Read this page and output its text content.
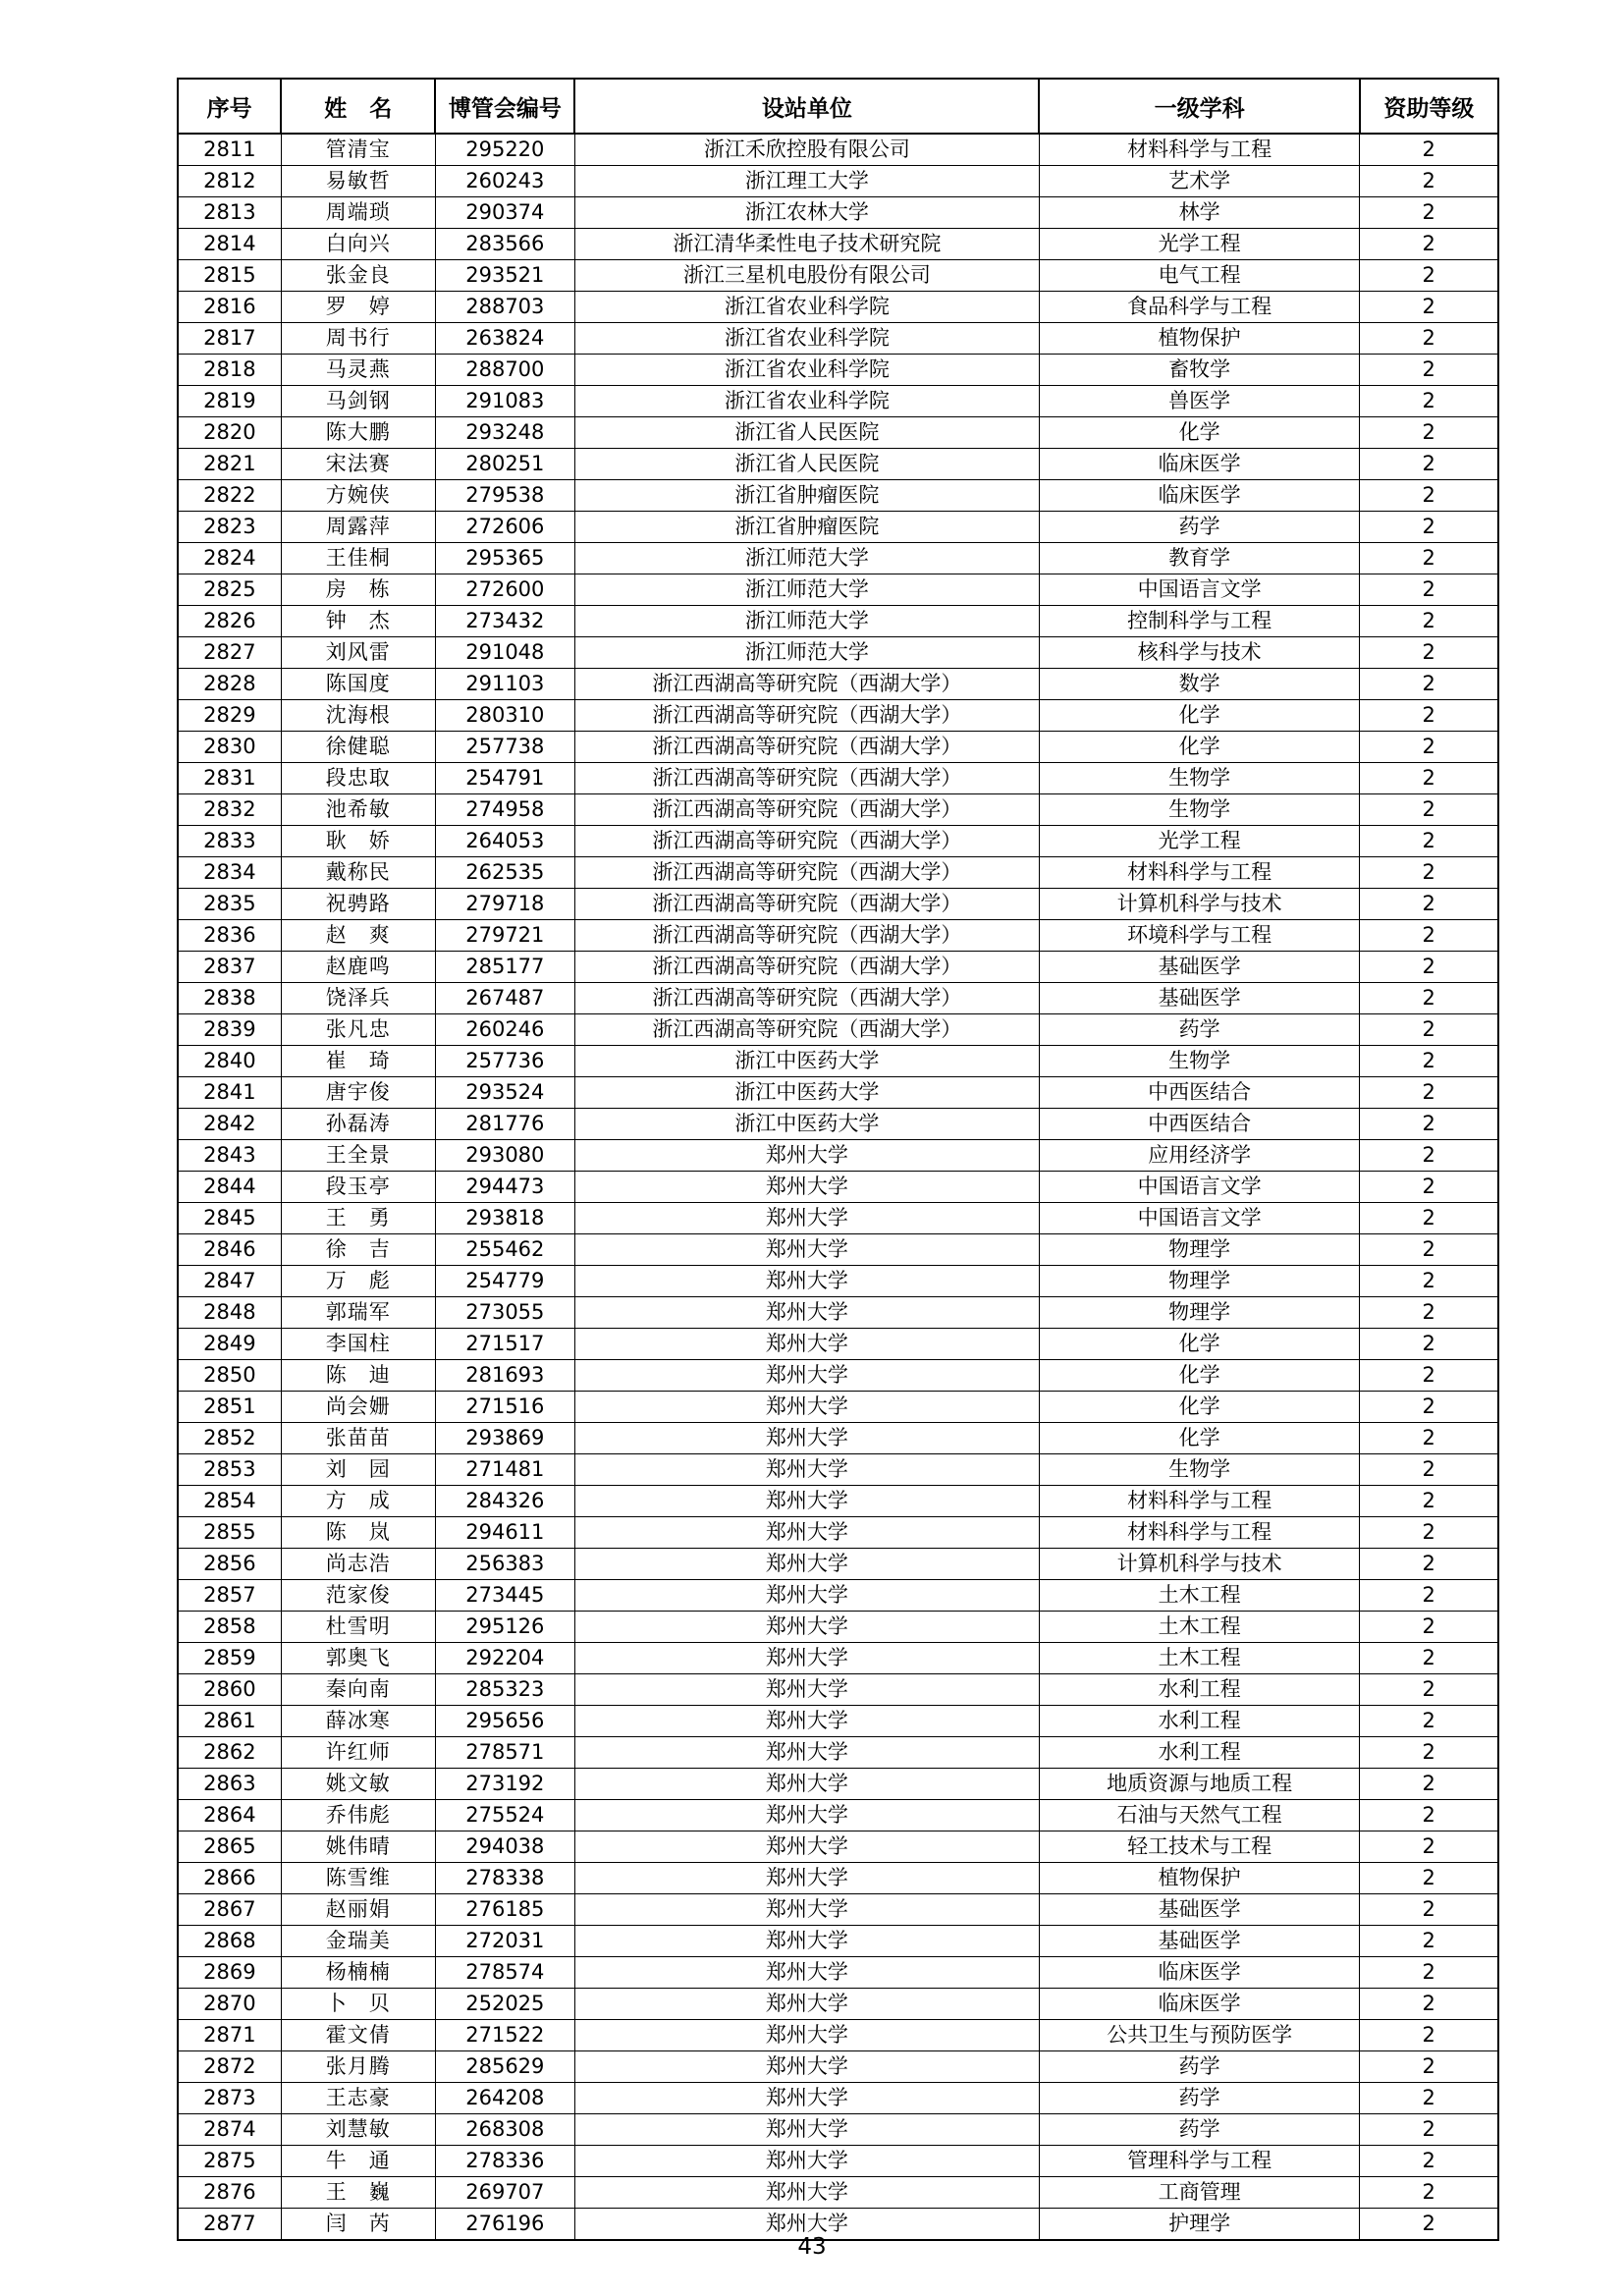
序号	姓　名	博管会编号	设站单位	一级学科	资助等级
2811	管清宝	295220	浙江禾欣控股有限公司	材料科学与工程	2
2812	易敏哲	260243	浙江理工大学	艺术学	2
2813	周端琐	290374	浙江农林大学	林学	2
2814	白向兴	283566	浙江清华柔性电子技术研究院	光学工程	2
2815	张金良	293521	浙江三星机电股份有限公司	电气工程	2
2816	罗　婷	288703	浙江省农业科学院	食品科学与工程	2
2817	周书行	263824	浙江省农业科学院	植物保护	2
2818	马灵燕	288700	浙江省农业科学院	畜牧学	2
2819	马剑钢	291083	浙江省农业科学院	兽医学	2
2820	陈大鹏	293248	浙江省人民医院	化学	2
2821	宋法赛	280251	浙江省人民医院	临床医学	2
2822	方婉侠	279538	浙江省肿瘤医院	临床医学	2
2823	周露萍	272606	浙江省肿瘤医院	药学	2
2824	王佳桐	295365	浙江师范大学	教育学	2
2825	房　栋	272600	浙江师范大学	中国语言文学	2
2826	钟　杰	273432	浙江师范大学	控制科学与工程	2
2827	刘风雷	291048	浙江师范大学	核科学与技术	2
2828	陈国度	291103	浙江西湖高等研究院（西湖大学）	数学	2
2829	沈海根	280310	浙江西湖高等研究院（西湖大学）	化学	2
2830	徐健聪	257738	浙江西湖高等研究院（西湖大学）	化学	2
2831	段忠取	254791	浙江西湖高等研究院（西湖大学）	生物学	2
2832	池希敏	274958	浙江西湖高等研究院（西湖大学）	生物学	2
2833	耿　娇	264053	浙江西湖高等研究院（西湖大学）	光学工程	2
2834	戴称民	262535	浙江西湖高等研究院（西湖大学）	材料科学与工程	2
2835	祝骋路	279718	浙江西湖高等研究院（西湖大学）	计算机科学与技术	2
2836	赵　爽	279721	浙江西湖高等研究院（西湖大学）	环境科学与工程	2
2837	赵鹿鸣	285177	浙江西湖高等研究院（西湖大学）	基础医学	2
2838	饶泽兵	267487	浙江西湖高等研究院（西湖大学）	基础医学	2
2839	张凡忠	260246	浙江西湖高等研究院（西湖大学）	药学	2
2840	崔　琦	257736	浙江中医药大学	生物学	2
2841	唐宇俊	293524	浙江中医药大学	中西医结合	2
2842	孙磊涛	281776	浙江中医药大学	中西医结合	2
2843	王全景	293080	郑州大学	应用经济学	2
2844	段玉亭	294473	郑州大学	中国语言文学	2
2845	王　勇	293818	郑州大学	中国语言文学	2
2846	徐　吉	255462	郑州大学	物理学	2
2847	万　彪	254779	郑州大学	物理学	2
2848	郭瑞军	273055	郑州大学	物理学	2
2849	李国柱	271517	郑州大学	化学	2
2850	陈　迪	281693	郑州大学	化学	2
2851	尚会姗	271516	郑州大学	化学	2
2852	张苗苗	293869	郑州大学	化学	2
2853	刘　园	271481	郑州大学	生物学	2
2854	方　成	284326	郑州大学	材料科学与工程	2
2855	陈　岚	294611	郑州大学	材料科学与工程	2
2856	尚志浩	256383	郑州大学	计算机科学与技术	2
2857	范家俊	273445	郑州大学	土木工程	2
2858	杜雪明	295126	郑州大学	土木工程	2
2859	郭奥飞	292204	郑州大学	土木工程	2
2860	秦向南	285323	郑州大学	水利工程	2
2861	薛冰寒	295656	郑州大学	水利工程	2
2862	许红师	278571	郑州大学	水利工程	2
2863	姚文敏	273192	郑州大学	地质资源与地质工程	2
2864	乔伟彪	275524	郑州大学	石油与天然气工程	2
2865	姚伟晴	294038	郑州大学	轻工技术与工程	2
2866	陈雪维	278338	郑州大学	植物保护	2
2867	赵丽娟	276185	郑州大学	基础医学	2
2868	金瑞美	272031	郑州大学	基础医学	2
2869	杨楠楠	278574	郑州大学	临床医学	2
2870	卜　贝	252025	郑州大学	临床医学	2
2871	霍文倩	271522	郑州大学	公共卫生与预防医学	2
2872	张月腾	285629	郑州大学	药学	2
2873	王志豪	264208	郑州大学	药学	2
2874	刘慧敏	268308	郑州大学	药学	2
2875	牛　通	278336	郑州大学	管理科学与工程	2
2876	王　巍	269707	郑州大学	工商管理	2
2877	闫　芮	276196	郑州大学	护理学	2
43
